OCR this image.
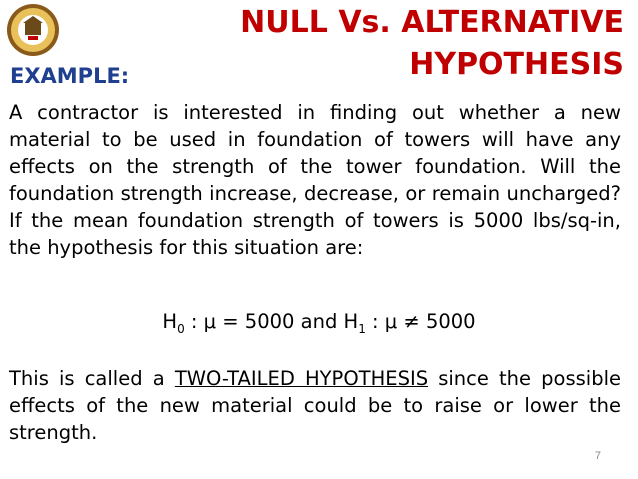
NULL Vs. ALTERNATIVE
HYPOTHESIS
EXAMPLE:
A contractor is interested in finding out whether a new material to be used in foundation of towers will have any effects on the strength of the tower foundation. Will the foundation strength increase, decrease, or remain uncharged? If the mean foundation strength of towers is 5000 lbs/sq-in, the hypothesis for this situation are:
$H_0$ : μ = 5000 and $H_1$ : μ ≠ 5000
This is called a TWO-TAILED HYPOTHESIS since the possible effects of the new material could be to raise or lower the strength.
7
